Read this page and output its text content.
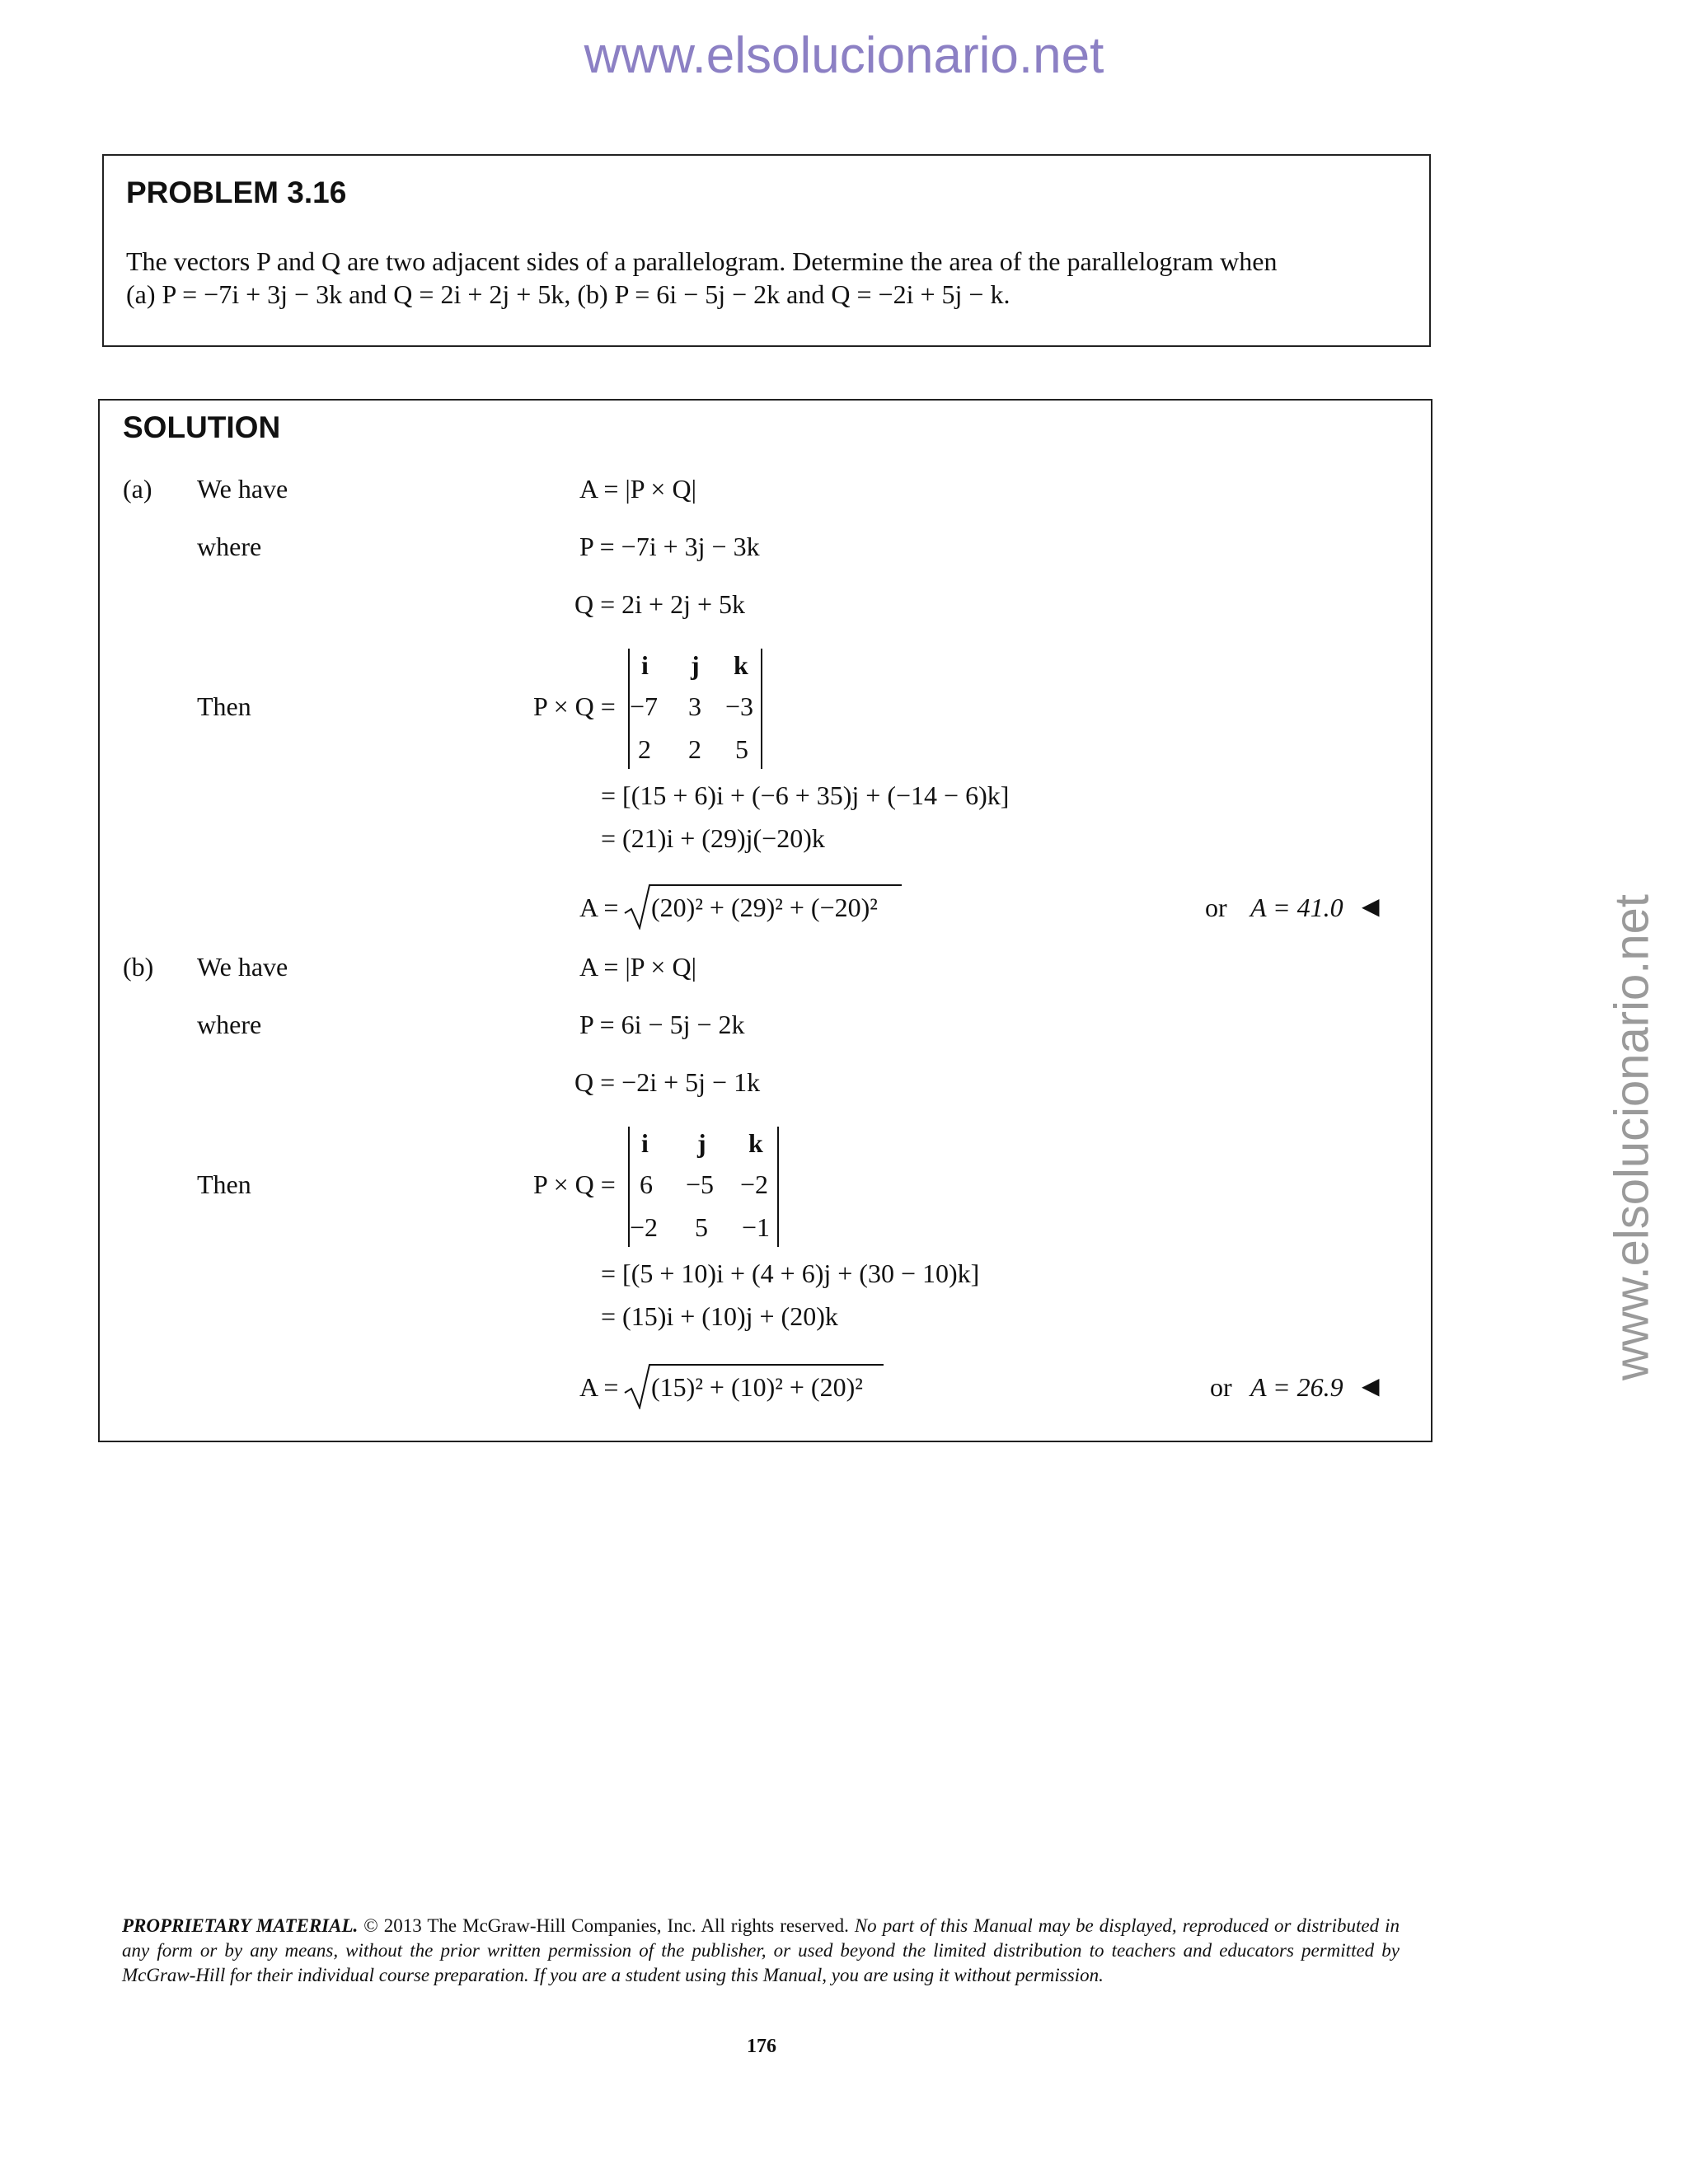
www.elsolucionario.net
www.elsolucionario.net
PROBLEM 3.16
The vectors P and Q are two adjacent sides of a parallelogram. Determine the area of the parallelogram when
(a) P = −7i + 3j − 3k and Q = 2i + 2j + 5k, (b) P = 6i − 5j − 2k and Q = −2i + 5j − k.
SOLUTION
(a) We have	A = |P × Q|
where	P = −7i + 3j − 3k
Q = 2i + 2j + 5k
Then	P × Q =
i j k
−7 3 −3
2 2 5
= [(15 + 6)i + (−6 + 35)j + (−14 − 6)k]
= (21)i + (29)j(−20)k
A = (20)² + (29)² + (−20)²	or A = 41.0 ◀
(b) We have	A = |P × Q|
where	P = 6i − 5j − 2k
Q = −2i + 5j − 1k
Then	P × Q =
i j k
6 −5 −2
−2 5 −1
= [(5 + 10)i + (4 + 6)j + (30 − 10)k]
= (15)i + (10)j + (20)k
A = (15)² + (10)² + (20)²	or A = 26.9 ◀
PROPRIETARY MATERIAL. © 2013 The McGraw-Hill Companies, Inc. All rights reserved. No part of this Manual may be displayed, reproduced or distributed in any form or by any means, without the prior written permission of the publisher, or used beyond the limited distribution to teachers and educators permitted by McGraw-Hill for their individual course preparation. If you are a student using this Manual, you are using it without permission.
176
